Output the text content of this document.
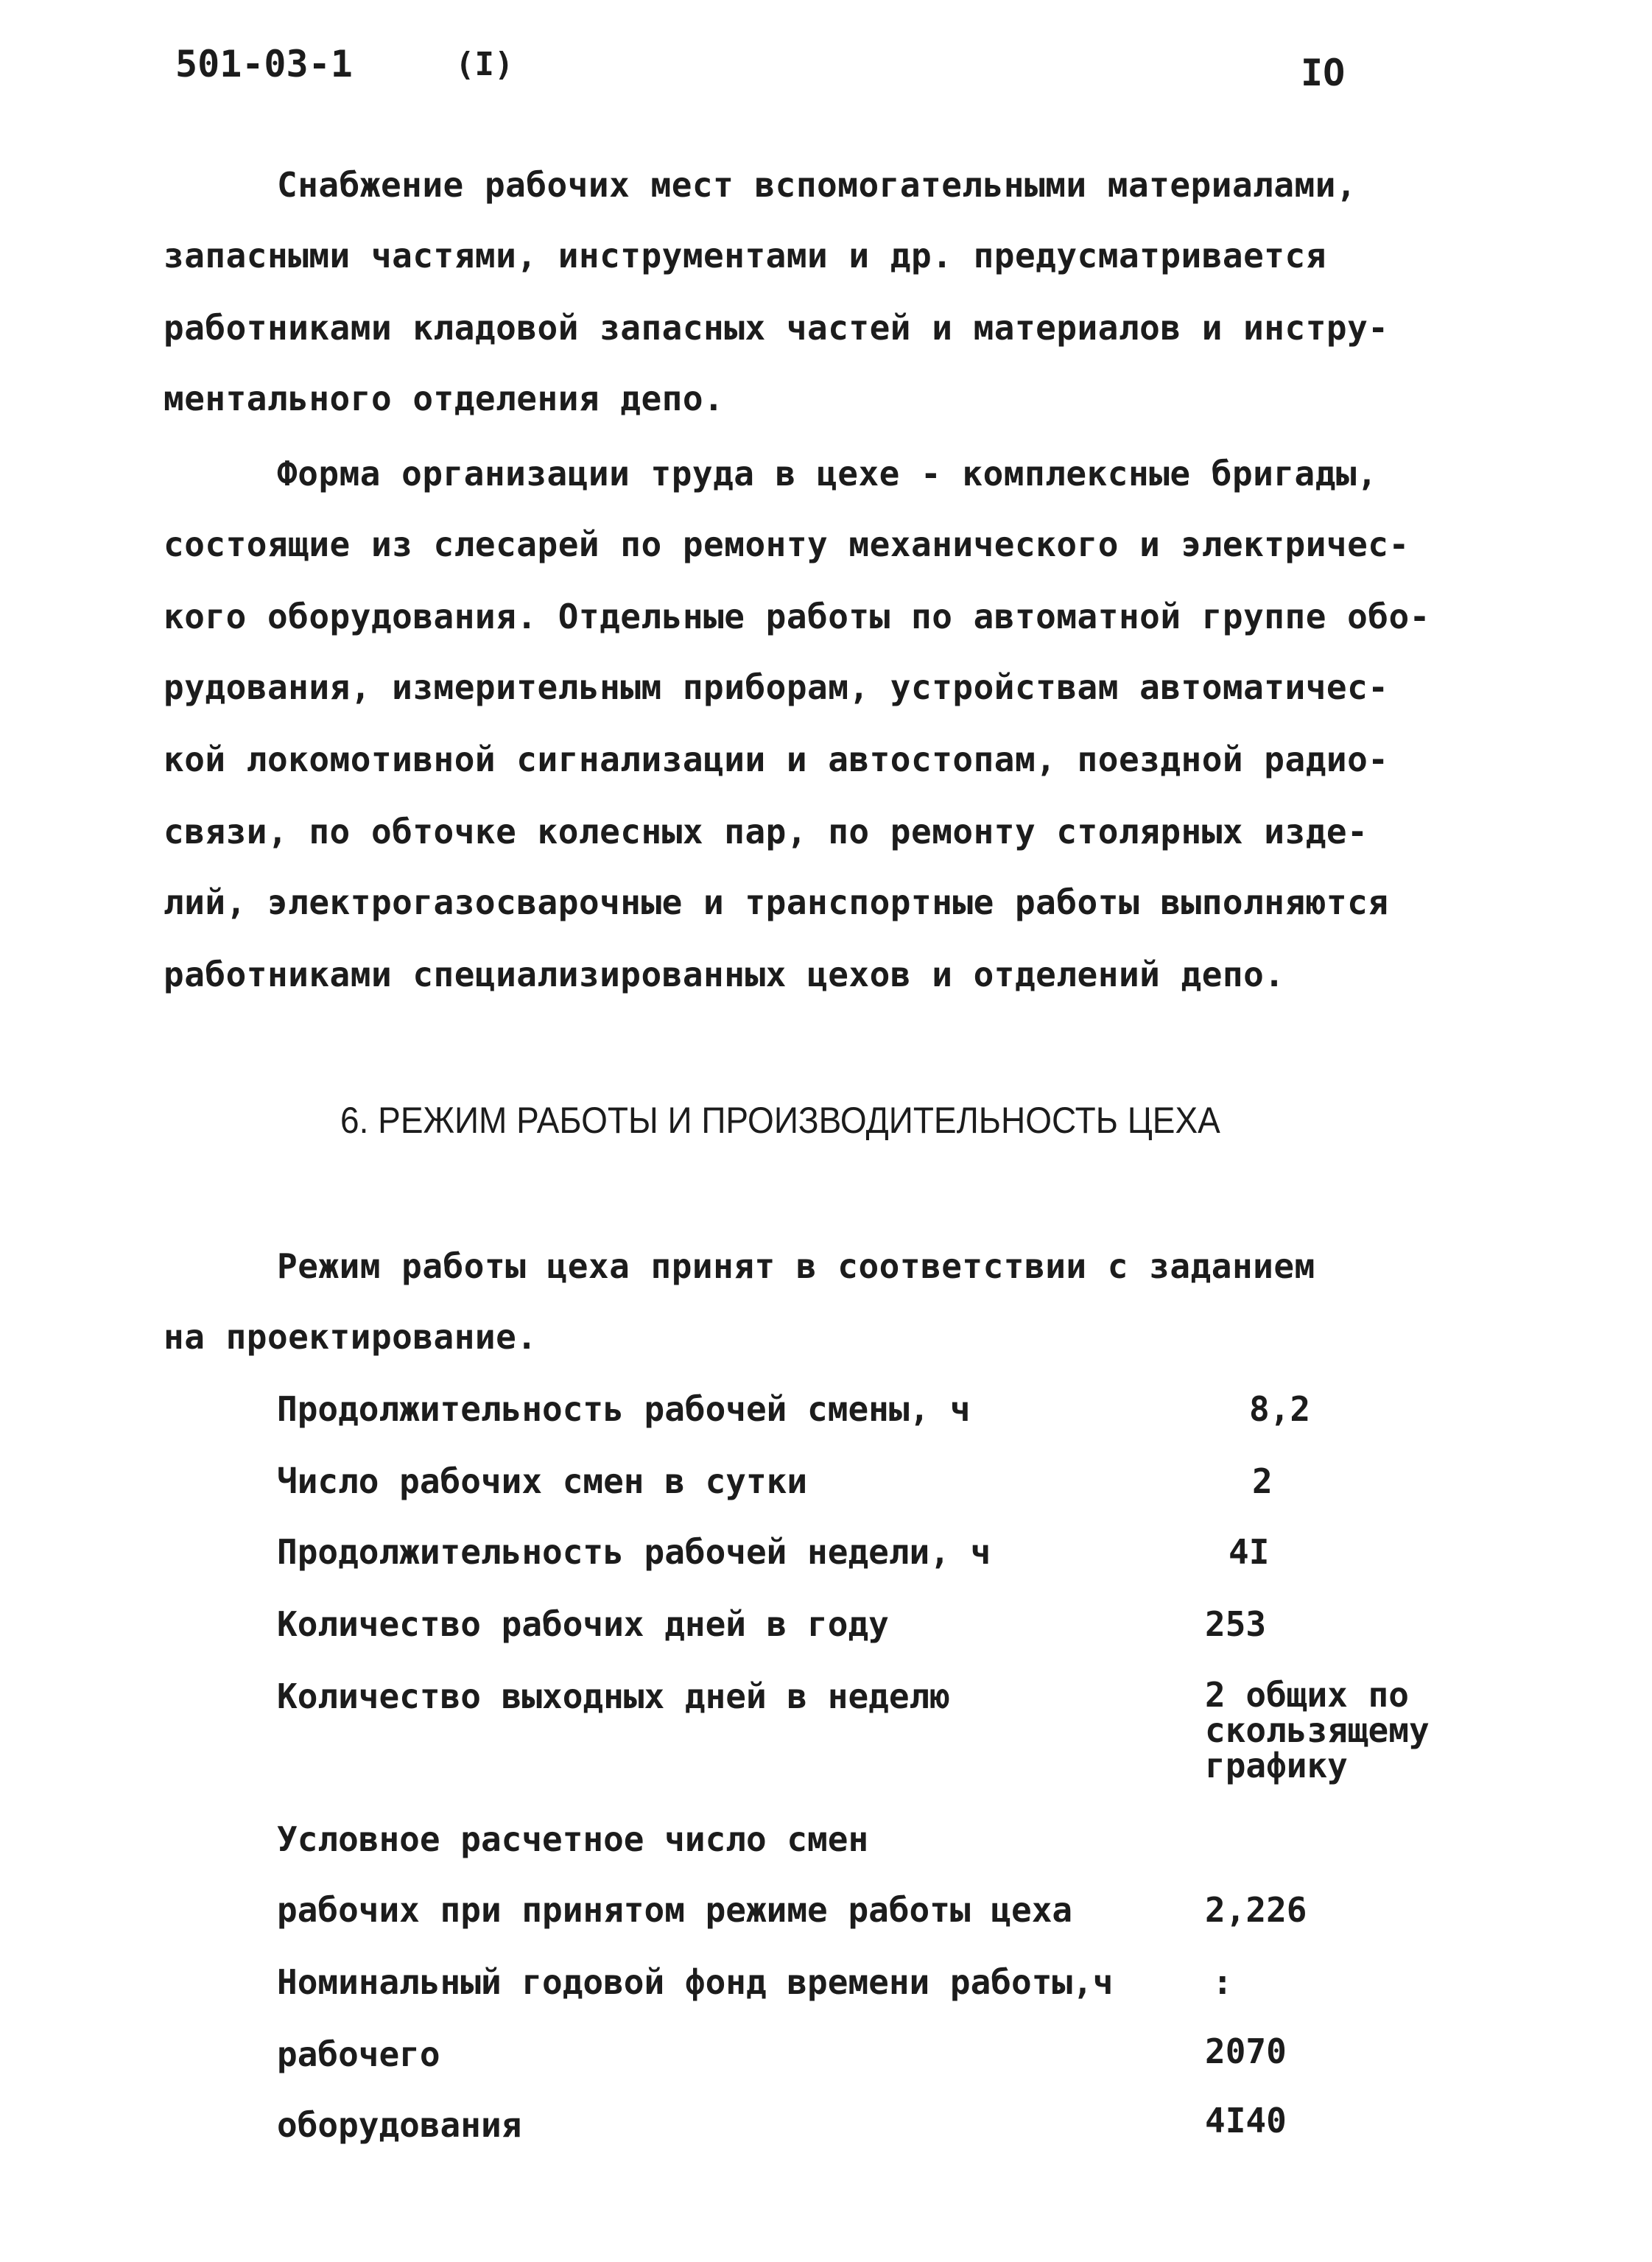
501-03-1	(I)	IO
Снабжение рабочих мест вспомогательными материалами,
запасными частями, инструментами и др. предусматривается
работниками кладовой запасных частей и материалов и инстру-
ментального отделения депо.
Форма организации труда в цехе - комплексные бригады,
состоящие из слесарей по ремонту механического и электричес-
кого оборудования. Отдельные работы по автоматной группе обо-
рудования, измерительным приборам, устройствам автоматичес-
кой локомотивной сигнализации и автостопам, поездной радио-
связи, по обточке колесных пар, по ремонту столярных изде-
лий, электрогазосварочные и транспортные работы выполняются
работниками специализированных цехов и отделений депо.
6. РЕЖИМ РАБОТЫ И ПРОИЗВОДИТЕЛЬНОСТЬ ЦЕХА
Режим работы цеха принят в соответствии с заданием
на проектирование.
Продолжительность рабочей смены, ч	8,2
Число рабочих смен в сутки	2
Продолжительность рабочей недели, ч	4I
Количество рабочих дней в году	253
Количество выходных дней в неделю	2 общих по
скользящему
графику
Условное расчетное число смен
рабочих при принятом режиме работы цеха	2,226
Номинальный годовой фонд времени работы,ч	:
рабочего	2070
оборудования	4I40
